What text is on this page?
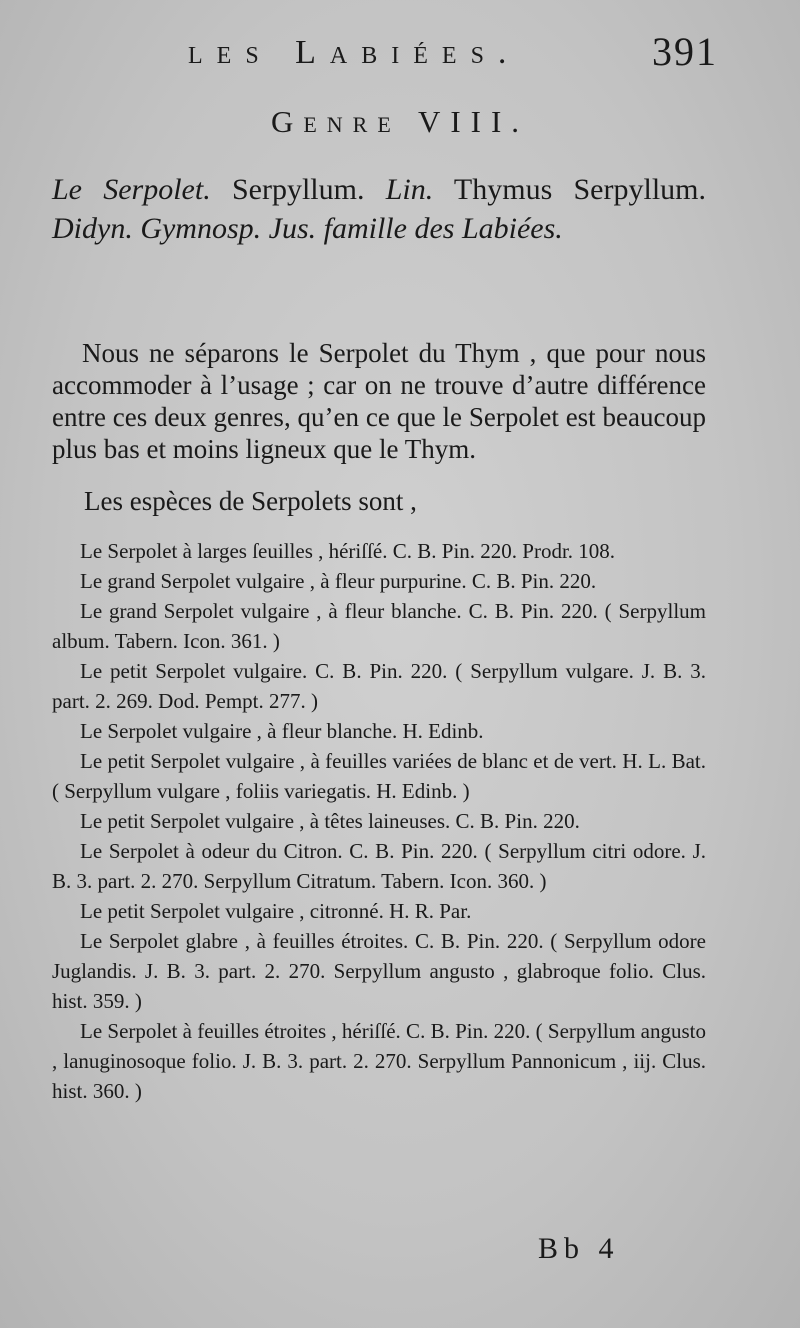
les Labiées.	391
Genre VIII.
Le Serpolet. Serpyllum. Lin. Thymus Serpyllum. Didyn. Gymnosp. Jus. famille des Labiées.

Nous ne séparons le Serpolet du Thym , que pour nous accommoder à l’usage ; car on ne trouve d’autre différence entre ces deux genres, qu’en ce que le Serpolet est beaucoup plus bas et moins ligneux que le Thym.

Les espèces de Serpolets sont ,
Le Serpolet à larges ſeuilles , hériſſé. C. B. Pin. 220. Prodr. 108.
Le grand Serpolet vulgaire , à fleur purpurine. C. B. Pin. 220.
Le grand Serpolet vulgaire , à fleur blanche. C. B. Pin. 220. ( Serpyllum album. Tabern. Icon. 361. )
Le petit Serpolet vulgaire. C. B. Pin. 220. ( Serpyllum vulgare. J. B. 3. part. 2. 269. Dod. Pempt. 277. )
Le Serpolet vulgaire , à fleur blanche. H. Edinb.
Le petit Serpolet vulgaire , à feuilles variées de blanc et de vert. H. L. Bat. ( Serpyllum vulgare , foliis variegatis. H. Edinb. )
Le petit Serpolet vulgaire , à têtes laineuses. C. B. Pin. 220.
Le Serpolet à odeur du Citron. C. B. Pin. 220. ( Serpyllum citri odore. J. B. 3. part. 2. 270. Serpyllum Citratum. Tabern. Icon. 360. )
Le petit Serpolet vulgaire , citronné. H. R. Par.
Le Serpolet glabre , à feuilles étroites. C. B. Pin. 220. ( Serpyllum odore Juglandis. J. B. 3. part. 2. 270. Serpyllum angusto , glabroque folio. Clus. hist. 359. )
Le Serpolet à feuilles étroites , hériſſé. C. B. Pin. 220. ( Serpyllum angusto , lanuginosoque folio. J. B. 3. part. 2. 270. Serpyllum Pannonicum , iij. Clus. hist. 360. )
Bb 4
